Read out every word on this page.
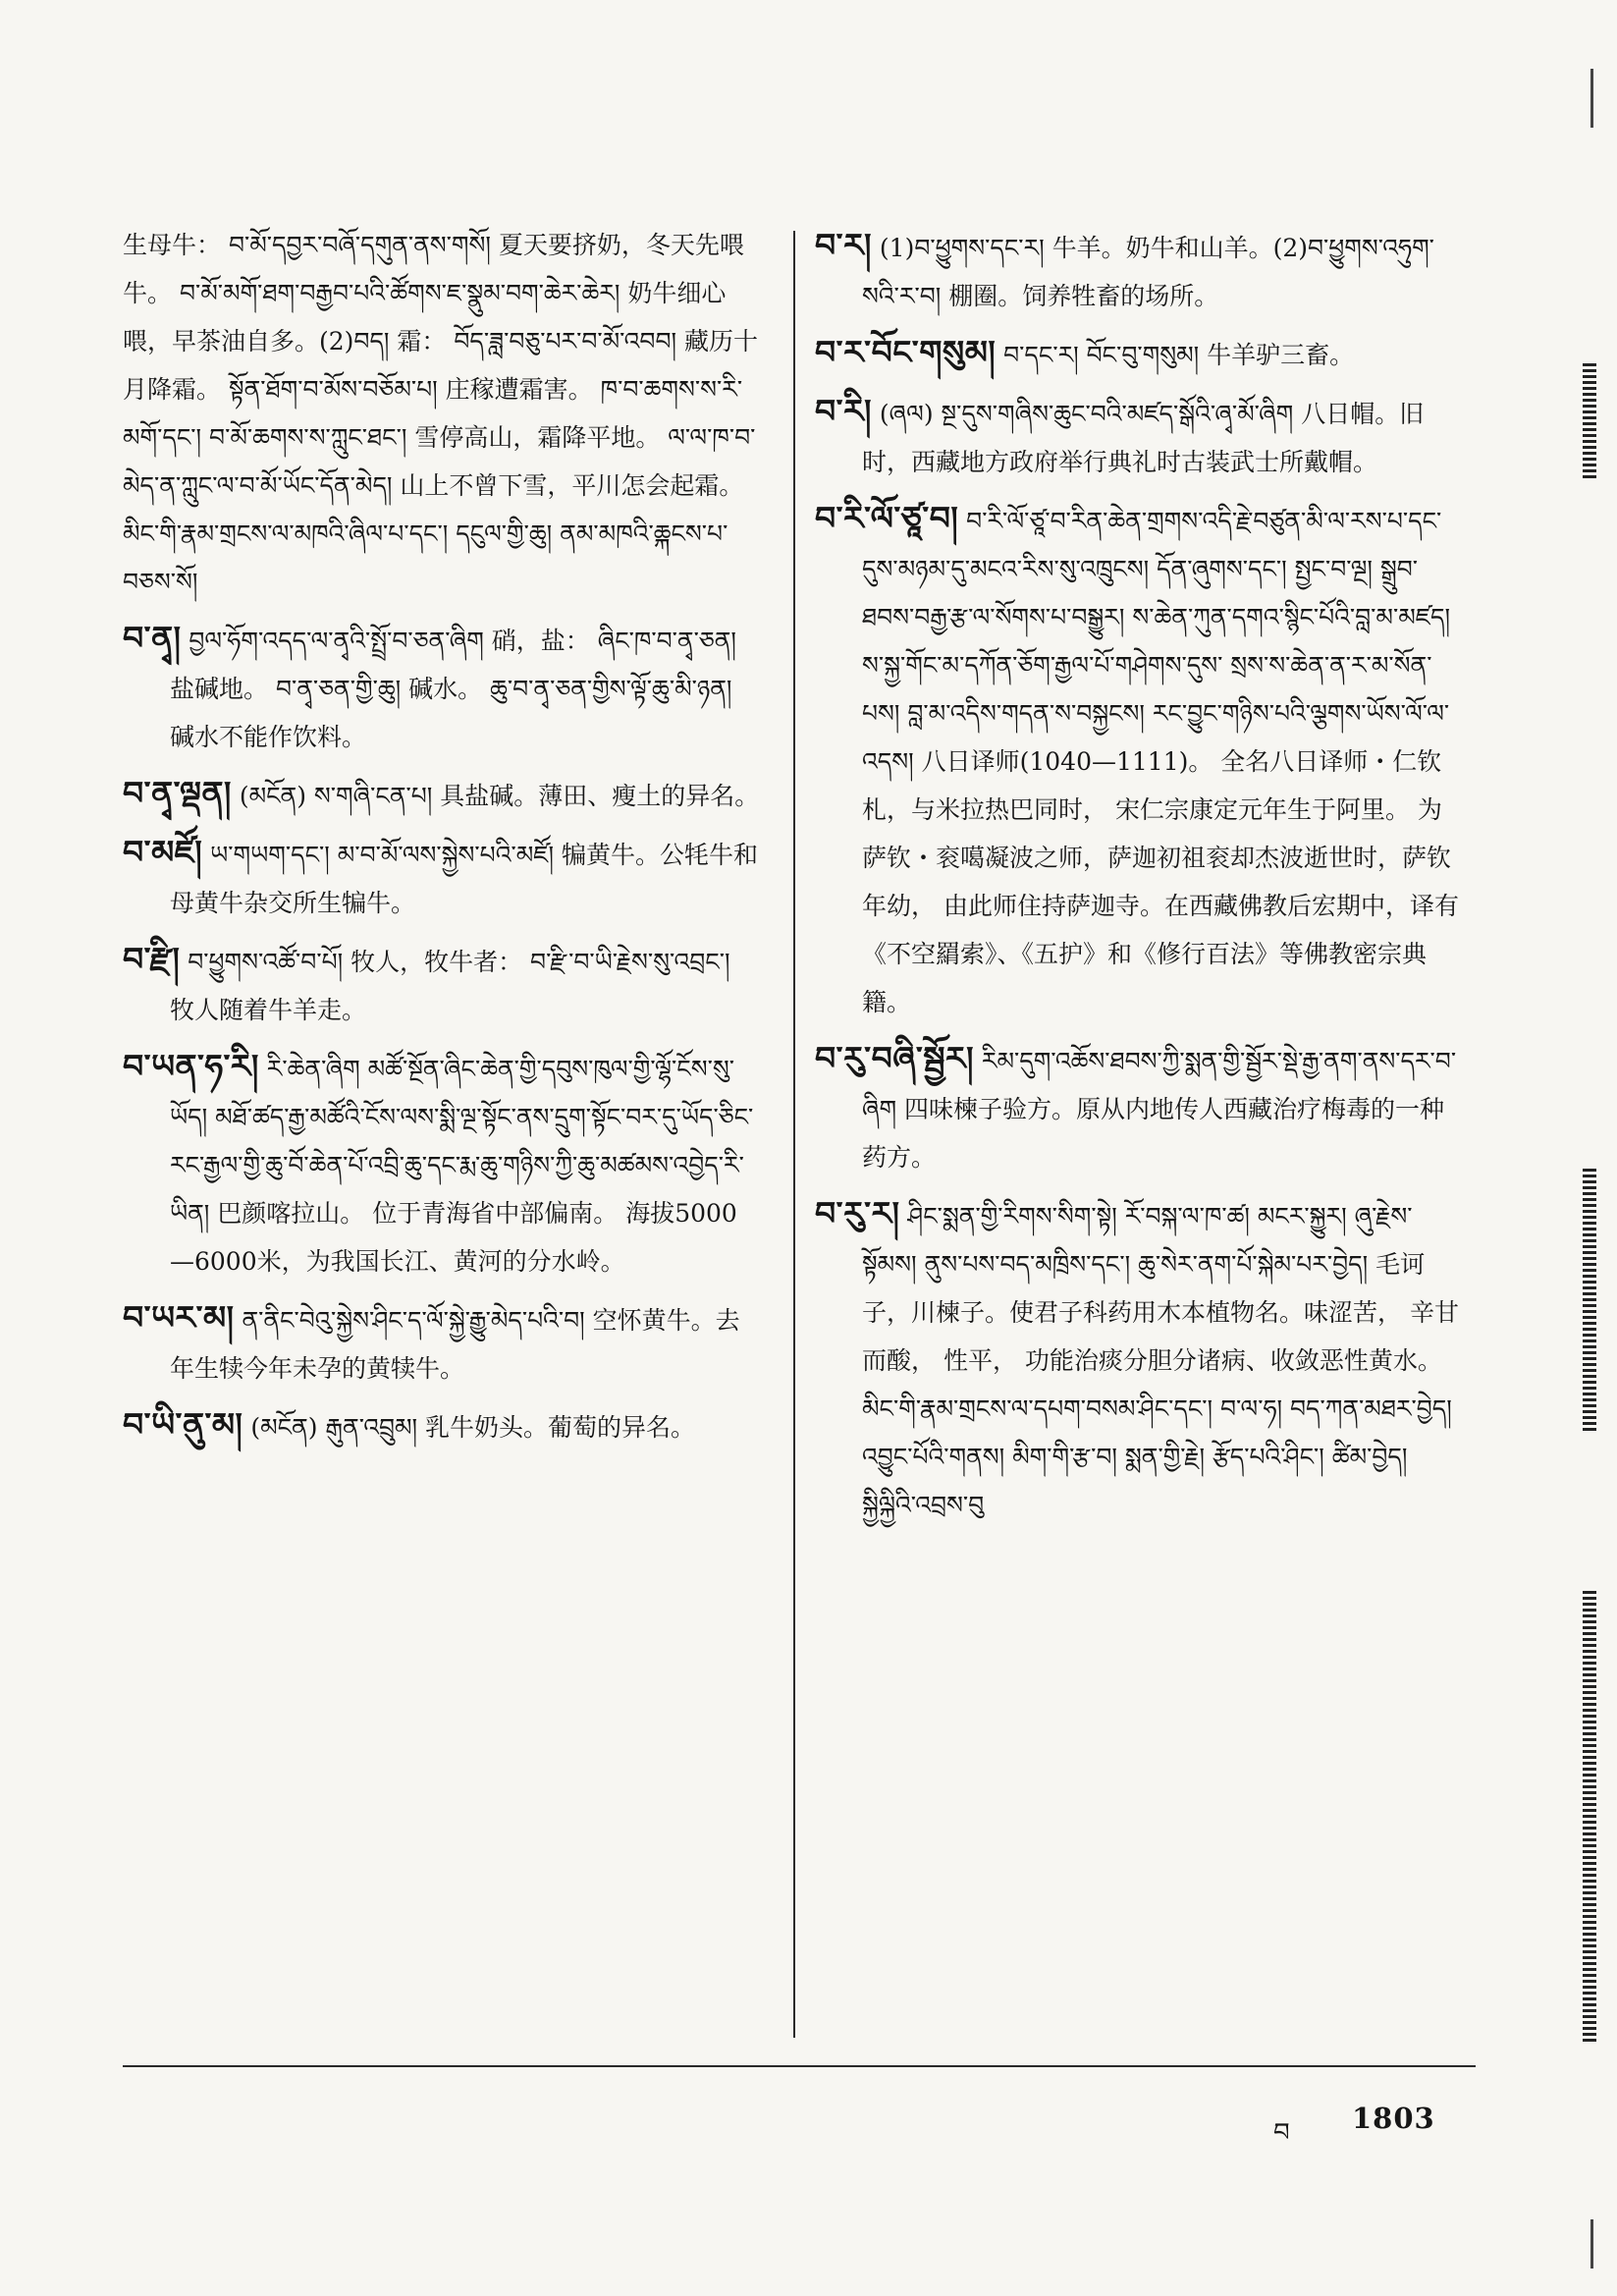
生母牛： བ་མོ་དབྱར་བཞོ་དགུན་ནས་གསོ། 夏天要挤奶，冬天先喂牛。 བ་མོ་མགོ་ཐག་བརྒྱབ་པའི་ཚོགས་ཇ་སྣུམ་བག་ཆེར་ཆེར། 奶牛细心喂，早茶油自多。(2)བད། 霜： བོད་ཟླ་བཅུ་པར་བ་མོ་འབབ། 藏历十月降霜。 སྟོན་ཐོག་བ་མོས་བཅོམ་པ། 庄稼遭霜害。 ཁ་བ་ཆགས་ས་རི་མགོ་དང་། བ་མོ་ཆགས་ས་ཀླུང་ཐང་། 雪停高山，霜降平地。 ལ་ལ་ཁ་བ་མེད་ན་ཀླུང་ལ་བ་མོ་ཡོང་དོན་མེད། 山上不曾下雪，平川怎会起霜。 མིང་གི་རྣམ་གྲངས་ལ་མཁའི་ཞིལ་པ་དང་། དངུལ་གྱི་ཆུ། ནམ་མཁའི་ཆྐངས་པ་བཅས་སོ།
བ་ནྭ། བྱལ་ཧོག་འདད་ལ་ནྭའི་སྤྲོ་བ་ཅན་ཞིག 硝，盐： ཞིང་ཁ་བ་ནྭ་ཅན། 盐碱地。 བ་ནྭ་ཅན་གྱི་ཆུ། 碱水。 ཆུ་བ་ནྭ་ཅན་གྱིས་ལྟོ་ཆུ་མི་ཉན། 碱水不能作饮料。
བ་ནྭ་ལྡན། (མངོན) ས་གཞི་ངན་པ། 具盐碱。薄田、瘦土的异名。
བ་མཛོ། ཡ་གཡག་དང་། མ་བ་མོ་ལས་སྐྱེས་པའི་མཛོ། 犏黄牛。公牦牛和母黄牛杂交所生犏牛。
བ་རྫི། བ་ཕྱུགས་འཚོ་བ་པོ། 牧人，牧牛者： བ་རྫི་བ་ཡི་རྗེས་སུ་འབྲང་། 牧人随着牛羊走。
བ་ཡན་ཧ་རི། རི་ཆེན་ཞིག མཚོ་སྔོན་ཞིང་ཆེན་གྱི་དབུས་ཁུལ་གྱི་ལྷོ་ངོས་སུ་ཡོད། མཐོ་ཚད་རྒྱ་མཚོའི་ངོས་ལས་སྨི་ལྔ་སྟོང་ནས་དྲུག་སྟོང་བར་དུ་ཡོད་ཅིང་ རང་རྒྱལ་གྱི་ཆུ་བོ་ཆེན་པོ་འབྲི་ཆུ་དང་རྨ་ཆུ་གཉིས་ཀྱི་ཆུ་མཚམས་འབྱེད་རི་ཡིན། 巴颜喀拉山。 位于青海省中部偏南。 海拔5000—6000米，为我国长江、黄河的分水岭。
བ་ཡར་མ། ན་ནིང་བེའུ་སྐྱེས་ཤིང་ད་ལོ་སྐྱེ་རྒྱུ་མེད་པའི་བ། 空怀黄牛。去年生犊今年未孕的黄犊牛。
བ་ཡི་ནུ་མ། (མངོན) རྒུན་འབྲུམ། 乳牛奶头。葡萄的异名。
བ་ར། (1)བ་ཕྱུགས་དང་ར། 牛羊。奶牛和山羊。(2)བ་ཕྱུགས་འཧུག་སའི་ར་བ། 棚圈。饲养牲畜的场所。
བ་ར་བོང་གསུམ། བ་དང་ར། བོང་བུ་གསུམ། 牛羊驴三畜。
བ་རི། (ཞལ) སྔ་དུས་གཞིས་ཆུང་བའི་མཛད་སྒོའི་ཞྭ་མོ་ཞིག 八日帽。旧时，西藏地方政府举行典礼时古装武士所戴帽。
བ་རི་ལོ་ཙཱ་བ། བ་རི་ལོ་ཙཱ་བ་རིན་ཆེན་གྲགས་འདི་རྗེ་བཙུན་མི་ལ་རས་པ་དང་དུས་མཉམ་དུ་མངའ་རིས་སུ་འཁྲུངས། དོན་ཞུགས་དང་། སྤྱང་བ་ལྔ། སྒྲུབ་ཐབས་བརྒྱ་རྩ་ལ་སོགས་པ་བསྒྱུར། ས་ཆེན་ཀུན་དགའ་སྙིང་པོའི་བླ་མ་མཛད། ས་སྐྱ་གོང་མ་དཀོན་ཅོག་རྒྱལ་པོ་གཤེགས་དུས་ སྲས་ས་ཆེན་ན་ར་མ་སོན་པས། བླ་མ་འདིས་གདན་ས་བསྐྱངས། རང་བྱུང་གཉིས་པའི་ལྕགས་ཡོས་ལོ་ལ་འདས། 八日译师(1040—1111)。 全名八日译师・仁钦札，与米拉热巴同时， 宋仁宗康定元年生于阿里。 为萨钦・衮噶凝波之师，萨迦初祖衮却杰波逝世时，萨钦年幼， 由此师住持萨迦寺。在西藏佛教后宏期中，译有《不空羂索》、《五护》和《修行百法》等佛教密宗典籍。
བ་རུ་བཞི་སྦྱོར། རིམ་དུག་འཆོས་ཐབས་ཀྱི་སྨན་གྱི་སྦྱོར་སྡེ་རྒྱ་ནག་ནས་དར་བ་ཞིག 四味楝子验方。原从内地传人西藏治疗梅毒的一种药方。
བ་རུ་ར། ཤིང་སྨན་གྱི་རིགས་སིག་སྟེ། རོ་བསྐ་ལ་ཁ་ཚ། མངར་སྐྱུར། ཞུ་རྗེས་སྟོམས། ནུས་པས་བད་མཁྲིས་དང་། ཆུ་སེར་ནག་པོ་སྐེམ་པར་བྱེད། 毛诃子，川楝子。使君子科药用木本植物名。味涩苦， 辛甘而酸， 性平， 功能治痰分胆分诸病、收敛恶性黄水。 མིང་གི་རྣམ་གྲངས་ལ་དཔག་བསམ་ཤིང་དང་། བ་ལ་ཧ། བད་ཀན་མཐར་བྱེད། འབྱུང་པོའི་གནས། མིག་གི་རྩ་བ། སྨན་གྱི་རྗེ། རྩོད་པའི་ཤིང་། ཚིམ་བྱེད། སྐྱིལྐྱིའི་འབྲས་བུ
བ 1803
